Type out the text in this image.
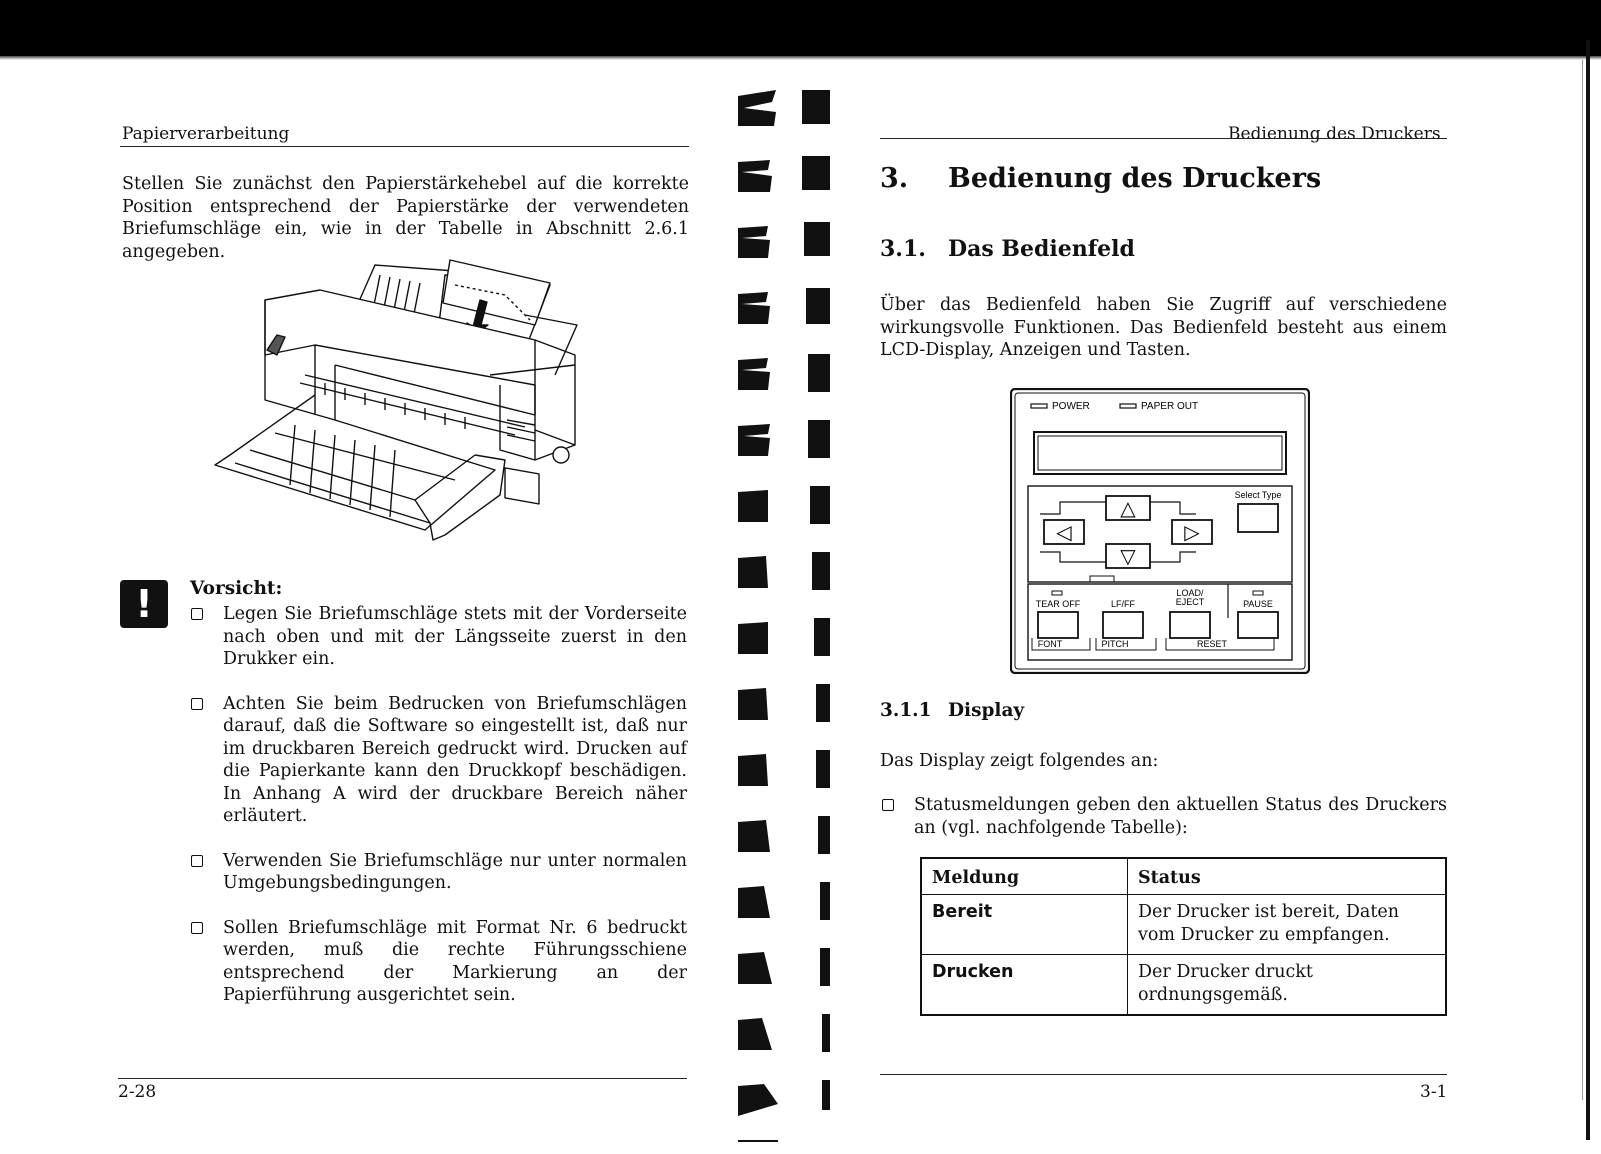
Papierverarbeitung

Stellen Sie zunächst den Papierstärkehebel auf die korrekte Position entsprechend der Papierstärke der verwendeten Briefumschläge ein, wie in der Tabelle in Abschnitt 2.6.1 angegeben.

!	Vorsicht:
Legen Sie Briefumschläge stets mit der Vorderseite nach oben und mit der Längsseite zuerst in den Drukker ein.
Achten Sie beim Bedrucken von Briefumschlägen darauf, daß die Software so eingestellt ist, daß nur im druckbaren Bereich gedruckt wird. Drucken auf die Papierkante kann den Druckkopf beschädigen. In Anhang A wird der druckbare Bereich näher erläutert.
Verwenden Sie Briefumschläge nur unter normalen Umgebungsbedingungen.
Sollen Briefumschläge mit Format Nr. 6 bedruckt werden, muß die rechte Führungsschiene entsprechend der Markierung an der Papierführung ausgerichtet sein.
2-28
Bedienung des Druckers
3. Bedienung des Druckers
3.1. Das Bedienfeld

Über das Bedienfeld haben Sie Zugriff auf verschiedene wirkungsvolle Funktionen. Das Bedienfeld besteht aus einem LCD-Display, Anzeigen und Tasten.

POWER	PAPER OUT
△
▽
◁	▷
Select Type
TEAR OFF	LF/FF
LOAD/
EJECT	PAUSE
FONT	PITCH	RESET
3.1.1 Display

Das Display zeigt folgendes an:

Statusmeldungen geben den aktuellen Status des Druckers an (vgl. nachfolgende Tabelle):
Meldung	Status
Bereit	Der Drucker ist bereit, Daten vom Drucker zu empfangen.
Drucken	Der Drucker druckt ordnungsgemäß.
3-1
